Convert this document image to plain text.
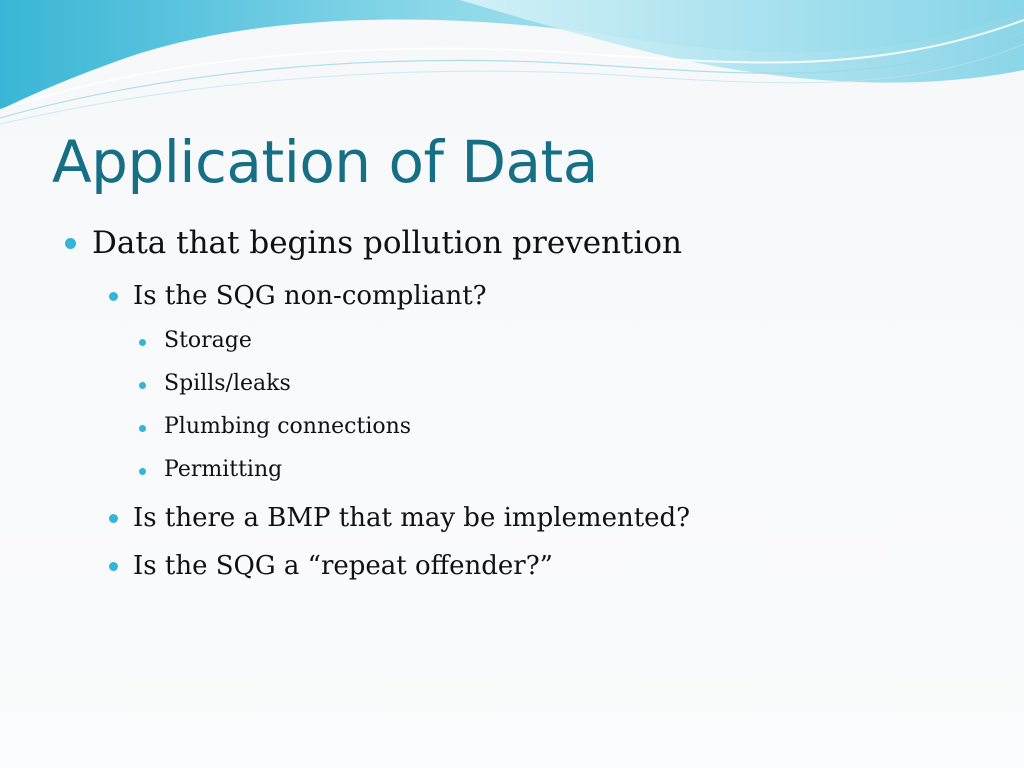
Application of Data
Data that begins pollution prevention
Is the SQG non-compliant?
Storage
Spills/leaks
Plumbing connections
Permitting
Is there a BMP that may be implemented?
Is the SQG a “repeat offender?”
